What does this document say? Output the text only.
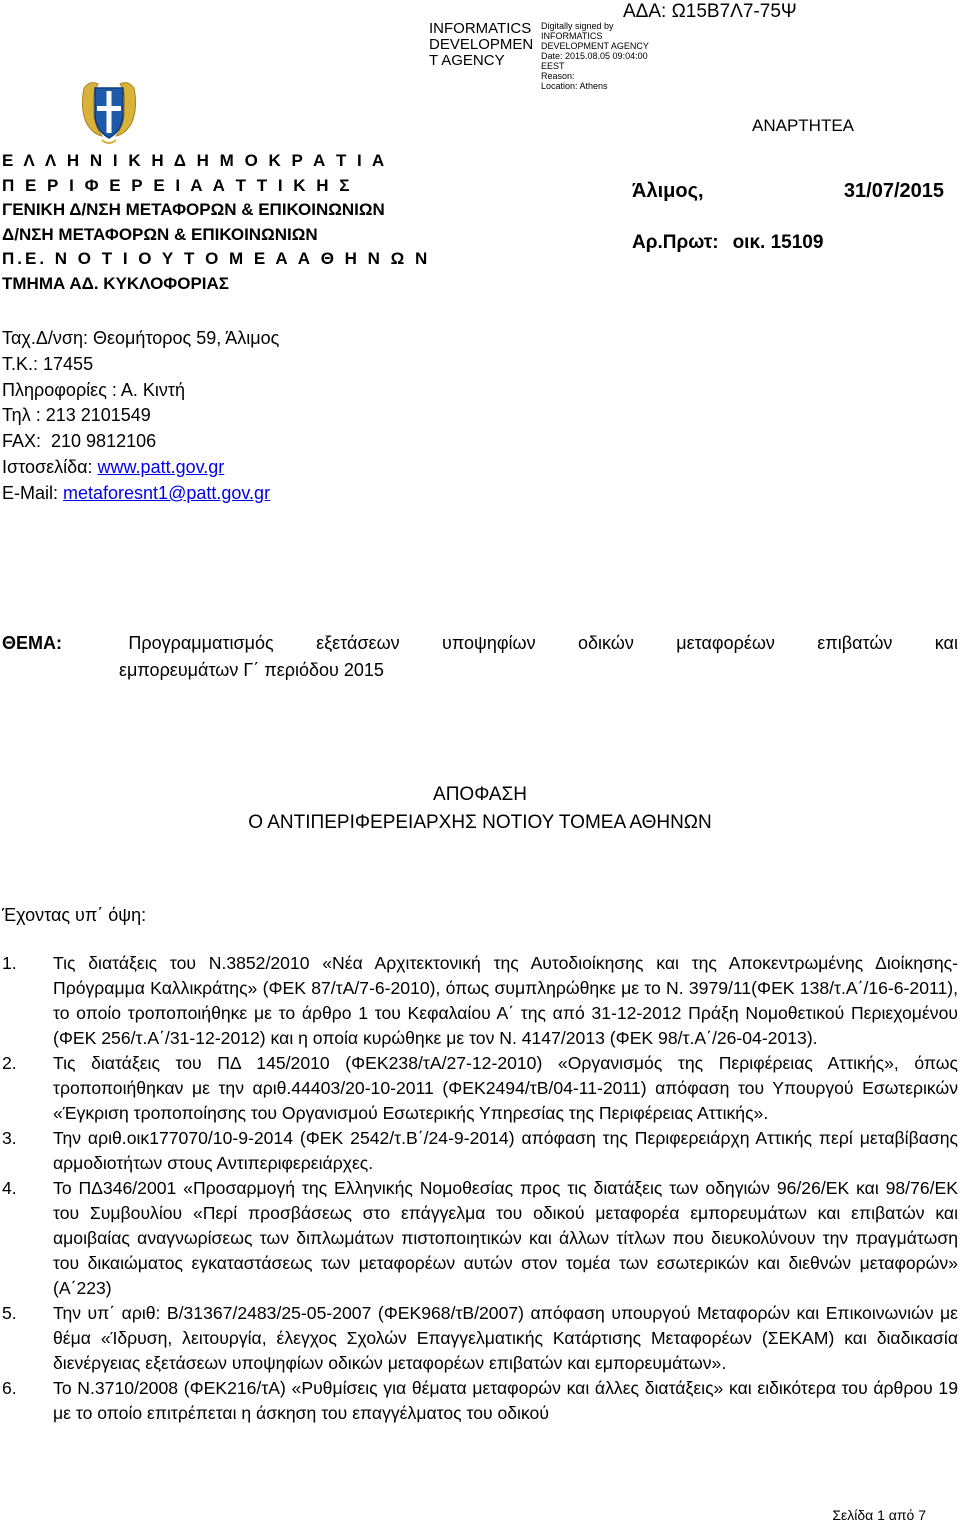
INFORMATICS DEVELOPMEN T AGENCY
Digitally signed by
INFORMATICS
DEVELOPMENT AGENCY
Date: 2015.08.05 09:04:00
EEST
Reason:
Location: Athens
ΑΔΑ: Ω15Β7Λ7-75Ψ
Ε Λ Λ Η Ν Ι Κ Η Δ Η Μ Ο Κ Ρ Α Τ Ι Α
Π Ε Ρ Ι Φ Ε Ρ Ε Ι Α Α Τ Τ Ι Κ Η Σ
ΓΕΝΙΚΗ Δ/ΝΣΗ ΜΕΤΑΦΟΡΩΝ & ΕΠΙΚΟΙΝΩΝΙΩΝ
Δ/ΝΣΗ ΜΕΤΑΦΟΡΩΝ & ΕΠΙΚΟΙΝΩΝΙΩΝ
Π.Ε. Ν Ο Τ Ι Ο Υ Τ Ο Μ Ε Α Α Θ Η Ν Ω Ν
ΤΜΗΜΑ ΑΔ. ΚΥΚΛΟΦΟΡΙΑΣ
ΑΝΑΡΤΗΤΕΑ
Άλιμος,	31/07/2015
Αρ.Πρωτ: οικ. 15109
Ταχ.Δ/νση: Θεομήτορος 59, Άλιμος
Τ.Κ.: 17455
Πληροφορίες : Α. Κιντή
Τηλ : 213 2101549
FAX:  210 9812106
Ιστοσελίδα: www.patt.gov.gr
E-Mail: metaforesnt1@patt.gov.gr
ΘΕΜΑ:	Προγραμματισμός εξετάσεων υποψηφίων οδικών μεταφορέων επιβατών και
εμπορευμάτων Γ΄ περιόδου 2015
ΑΠΟΦΑΣΗ
Ο ΑΝΤΙΠΕΡΙΦΕΡΕΙΑΡΧΗΣ ΝΟΤΙΟΥ ΤΟΜΕΑ ΑΘΗΝΩΝ
Έχοντας υπ΄ όψη:
1.	Τις διατάξεις του Ν.3852/2010 «Νέα Αρχιτεκτονική της Αυτοδιοίκησης και της Αποκεντρωμένης Διοίκησης-Πρόγραμμα Καλλικράτης» (ΦΕΚ 87/τΑ/7-6-2010), όπως συμπληρώθηκε με το Ν. 3979/11(ΦΕΚ 138/τ.Α΄/16-6-2011), το οποίο τροποποιήθηκε με το άρθρο 1 του Κεφαλαίου Α΄ της από 31-12-2012 Πράξη Νομοθετικού Περιεχομένου (ΦΕΚ 256/τ.Α΄/31-12-2012) και η οποία κυρώθηκε με τον Ν. 4147/2013 (ΦΕΚ 98/τ.Α΄/26-04-2013).
2.	Τις διατάξεις του ΠΔ 145/2010 (ΦΕΚ238/τΑ/27-12-2010) «Οργανισμός της Περιφέρειας Αττικής», όπως τροποποιήθηκαν με την αριθ.44403/20-10-2011 (ΦΕΚ2494/τΒ/04-11-2011) απόφαση του Υπουργού Εσωτερικών «Έγκριση τροποποίησης του Οργανισμού Εσωτερικής Υπηρεσίας της Περιφέρειας Αττικής».
3.	Την αριθ.οικ177070/10-9-2014 (ΦΕΚ 2542/τ.Β΄/24-9-2014) απόφαση της Περιφερειάρχη Αττικής περί μεταβίβασης αρμοδιοτήτων στους Αντιπεριφερειάρχες.
4.	Το ΠΔ346/2001 «Προσαρμογή της Ελληνικής Νομοθεσίας προς τις διατάξεις των οδηγιών 96/26/ΕΚ και 98/76/ΕΚ του Συμβουλίου «Περί προσβάσεως στο επάγγελμα του οδικού μεταφορέα εμπορευμάτων και επιβατών και αμοιβαίας αναγνωρίσεως των διπλωμάτων πιστοποιητικών και άλλων τίτλων που διευκολύνουν την πραγμάτωση του δικαιώματος εγκαταστάσεως των μεταφορέων αυτών στον τομέα των εσωτερικών και διεθνών μεταφορών» (Α΄223)
5.	Την υπ΄ αριθ: Β/31367/2483/25-05-2007 (ΦΕΚ968/τΒ/2007) απόφαση υπουργού Μεταφορών και Επικοινωνιών με θέμα «Ίδρυση, λειτουργία, έλεγχος Σχολών Επαγγελματικής Κατάρτισης Μεταφορέων (ΣΕΚΑΜ) και διαδικασία διενέργειας εξετάσεων υποψηφίων οδικών μεταφορέων επιβατών και εμπορευμάτων».
6.	Το Ν.3710/2008 (ΦΕΚ216/τΑ) «Ρυθμίσεις για θέματα μεταφορών και άλλες διατάξεις» και ειδικότερα του άρθρου 19 με το οποίο επιτρέπεται η άσκηση του επαγγέλματος του οδικού
Σελίδα 1 από 7
